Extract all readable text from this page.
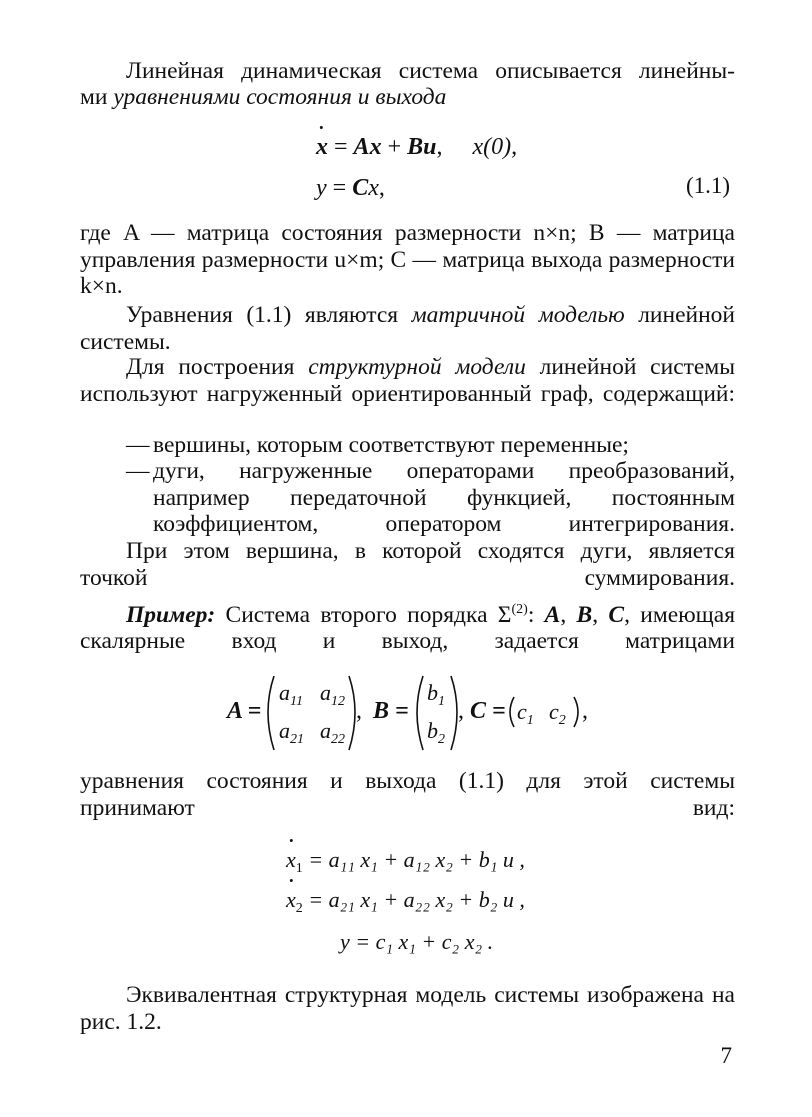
Линейная динамическая система описывается линейны-

ми уравнениями состояния и выхода

˙ x = Ax + Bu,  x(0),
y = Cx,	(1.1)

где A — матрица состояния размерности n×n; B — матрица управления размерности u×m; C — матрица выхода размерности k×n.

Уравнения (1.1) являются матричной моделью линейной системы.

Для построения структурной модели линейной системы используют нагруженный ориентированный граф, содержащий:

— вершины, которым соответствуют переменные;

— дуги, нагруженные операторами преобразований, например передаточной функцией, постоянным коэффициентом, оператором интегрирования.

При этом вершина, в которой сходятся дуги, является точкой суммирования.

Пример: Система второго порядка $\Sigma^{(2)}$: A, B, C, имеющая скалярные вход и выход, задается матрицами

A =
$a_{11}$ $a_{12}$
$a_{21}$ $a_{22}$
, B =
$b_1$
$b_2$
, $C = c_1$ $c_2$ ,

уравнения состояния и выхода (1.1) для этой системы принимают вид:

˙ $x_1 = a_{11}$ x₁ + a₁₂ x₂ + b₁ u ,
˙ $x_2 = a_{21}$ x₁ + a₂₂ x₂ + b₂ u ,
y = c₁ x₁ + c₂ x₂ .

Эквивалентная структурная модель системы изображена на рис. 1.2.

7
